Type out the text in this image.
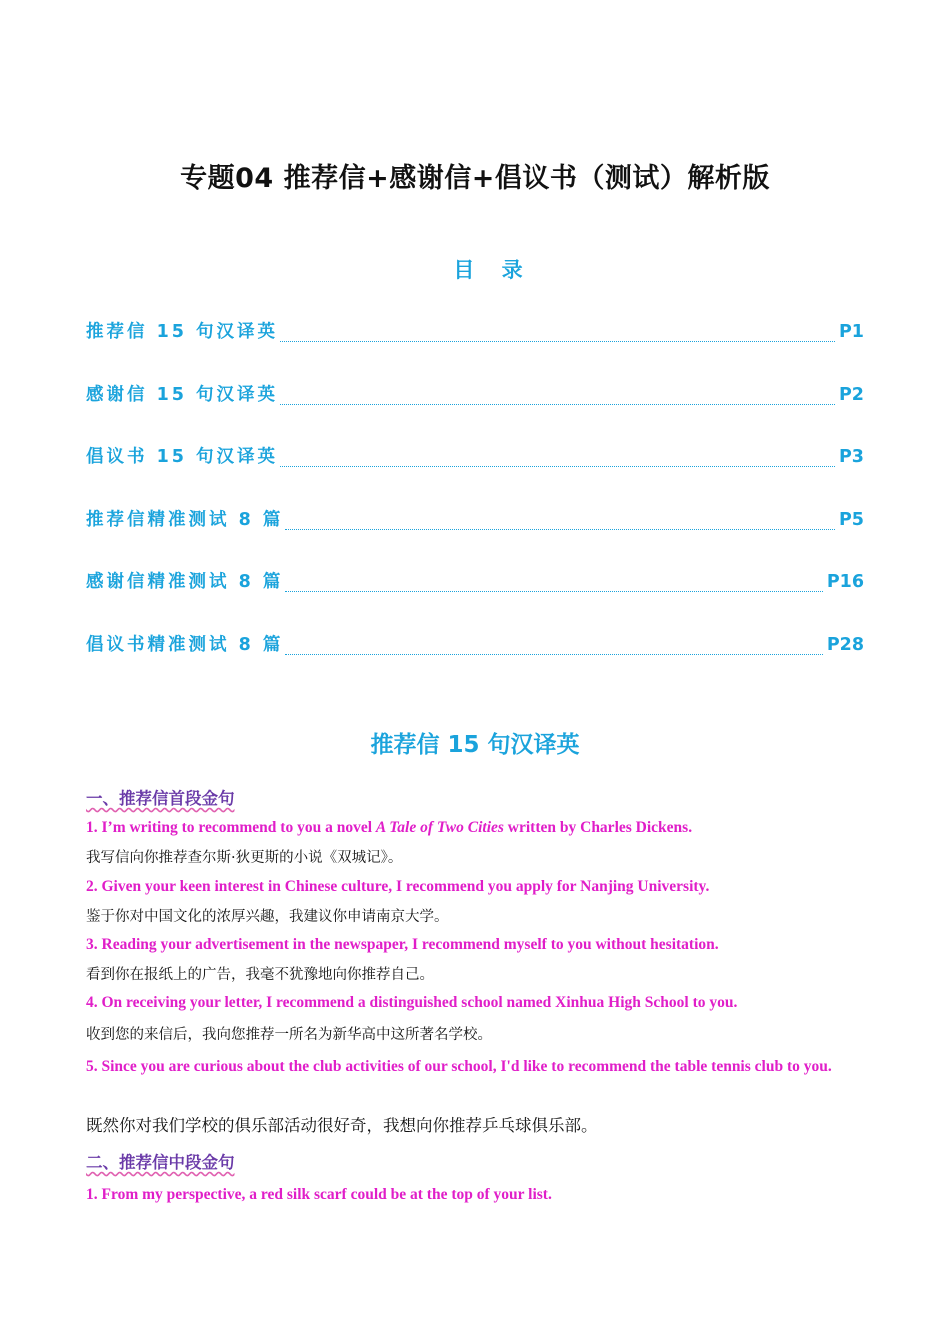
专题04 推荐信+感谢信+倡议书（测试）解析版
目 录
推荐信 15 句汉译英	P1
感谢信 15 句汉译英	P2
倡议书 15 句汉译英	P3
推荐信精准测试 8 篇	P5
感谢信精准测试 8 篇	P16
倡议书精准测试 8 篇	P28
推荐信 15 句汉译英
一、推荐信首段金句
1. I’m writing to recommend to you a novel A Tale of Two Cities written by Charles Dickens.
我写信向你推荐查尔斯·狄更斯的小说《双城记》。
2. Given your keen interest in Chinese culture, I recommend you apply for Nanjing University.
鉴于你对中国文化的浓厚兴趣，我建议你申请南京大学。
3. Reading your advertisement in the newspaper, I recommend myself to you without hesitation.
看到你在报纸上的广告，我毫不犹豫地向你推荐自己。
4. On receiving your letter, I recommend a distinguished school named Xinhua High School to you.
收到您的来信后，我向您推荐一所名为新华高中这所著名学校。
5. Since you are curious about the club activities of our school, I'd like to recommend the table tennis club to you.
既然你对我们学校的俱乐部活动很好奇，我想向你推荐乒乓球俱乐部。
二、推荐信中段金句
1. From my perspective, a red silk scarf could be at the top of your list.
